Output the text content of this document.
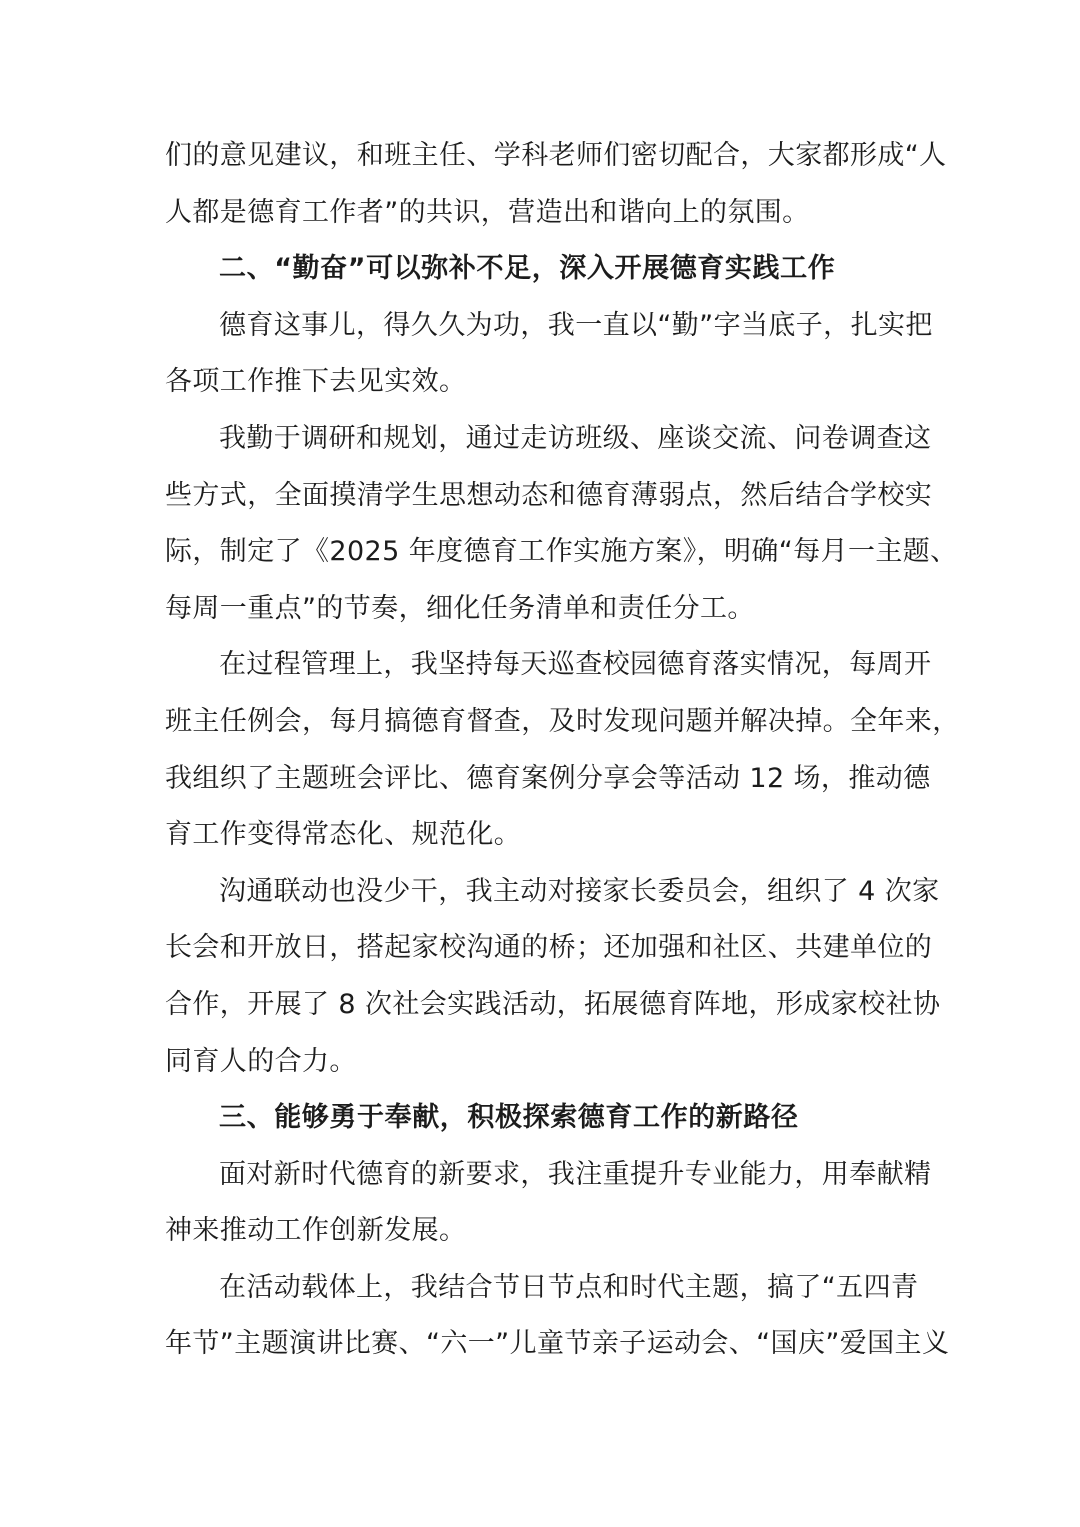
们的意见建议，和班主任、学科老师们密切配合，大家都形成“人
人都是德育工作者”的共识，营造出和谐向上的氛围。
二、“勤奋”可以弥补不足，深入开展德育实践工作
德育这事儿，得久久为功，我一直以“勤”字当底子，扎实把
各项工作推下去见实效。
我勤于调研和规划，通过走访班级、座谈交流、问卷调查这
些方式，全面摸清学生思想动态和德育薄弱点，然后结合学校实
际，制定了《2025 年度德育工作实施方案》，明确“每月一主题、
每周一重点”的节奏，细化任务清单和责任分工。
在过程管理上，我坚持每天巡查校园德育落实情况，每周开
班主任例会，每月搞德育督查，及时发现问题并解决掉。全年来，
我组织了主题班会评比、德育案例分享会等活动 12 场，推动德
育工作变得常态化、规范化。
沟通联动也没少干，我主动对接家长委员会，组织了 4 次家
长会和开放日，搭起家校沟通的桥；还加强和社区、共建单位的
合作，开展了 8 次社会实践活动，拓展德育阵地，形成家校社协
同育人的合力。
三、能够勇于奉献，积极探索德育工作的新路径
面对新时代德育的新要求，我注重提升专业能力，用奉献精
神来推动工作创新发展。
在活动载体上，我结合节日节点和时代主题，搞了“五四青
年节”主题演讲比赛、“六一”儿童节亲子运动会、“国庆”爱国主义
